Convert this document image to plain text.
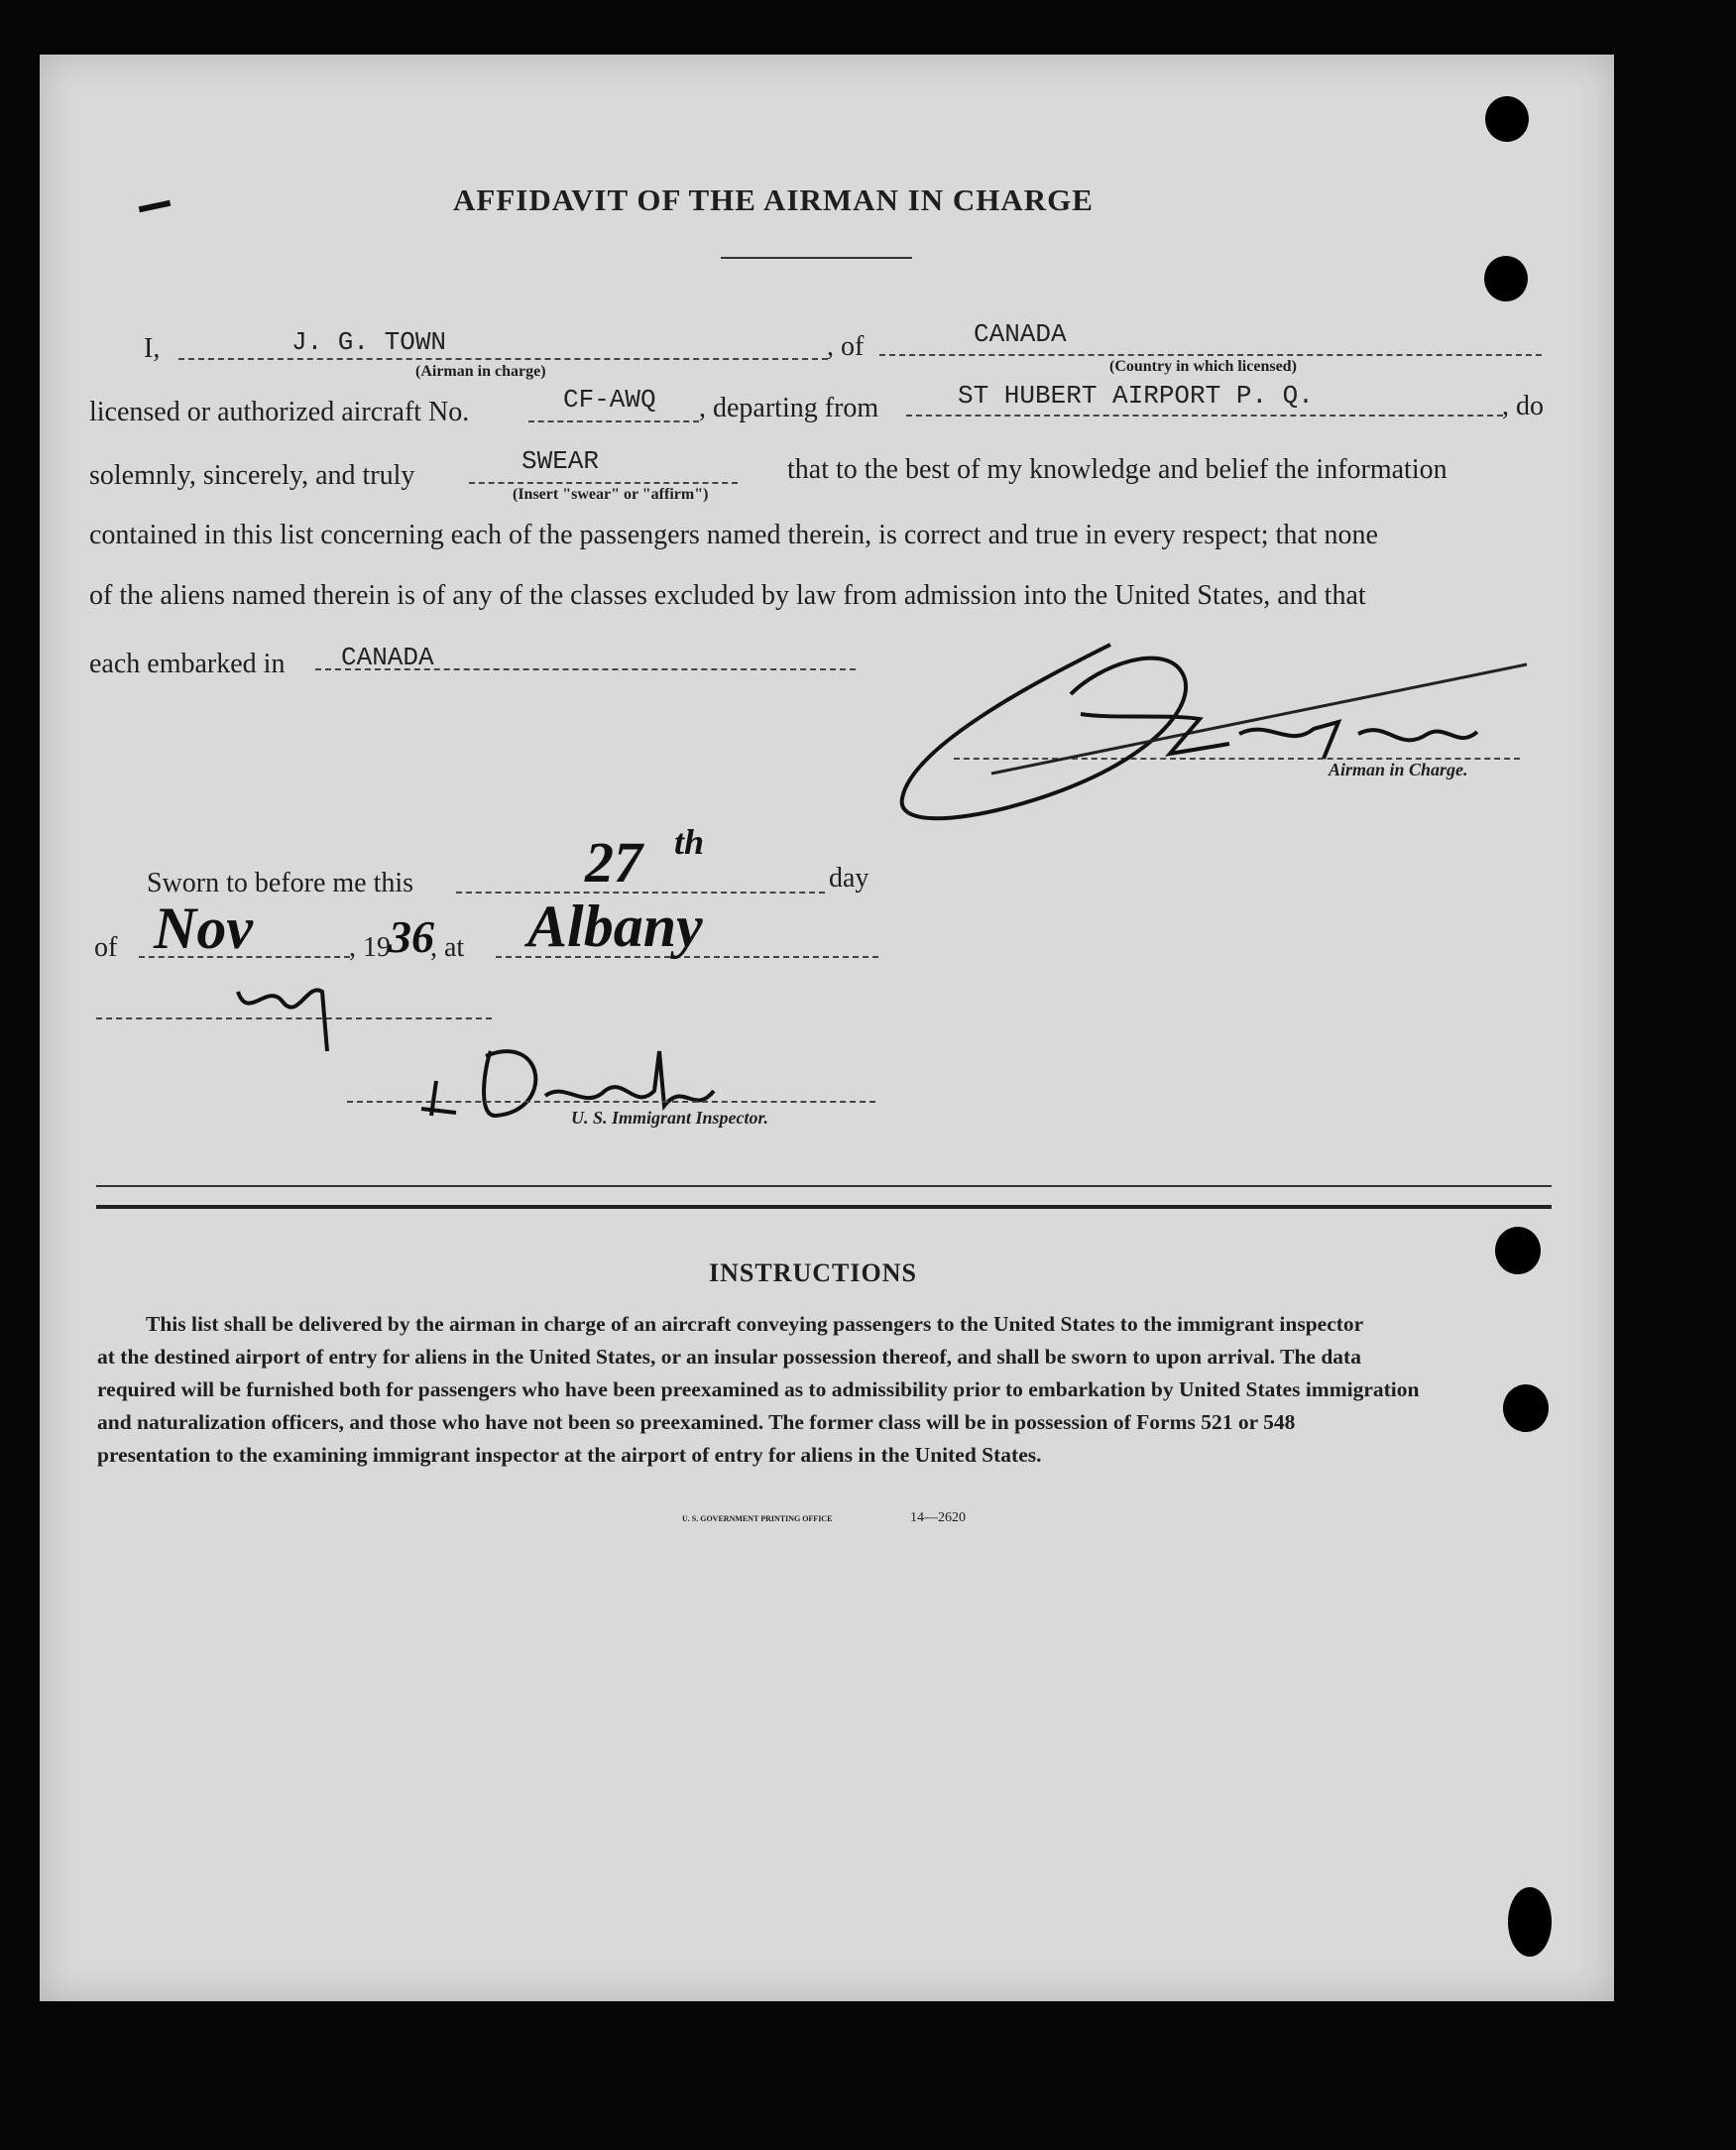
AFFIDAVIT OF THE AIRMAN IN CHARGE
I,	J. G. TOWN
(Airman in charge)
, of	CANADA
(Country in which licensed)
licensed or authorized aircraft No.	CF-AWQ , departing from	ST HUBERT AIRPORT P. Q.	, do
solemnly, sincerely, and truly	SWEAR
(Insert "swear" or "affirm")
that to the best of my knowledge and belief the information
contained in this list concerning each of the passengers named therein, is correct and true in every respect; that none
of the aliens named therein is of any of the classes excluded by law from admission into the United States, and that
each embarked in CANADA
J G Town
Airman in Charge.
Sworn to before me this	27 th
day
of Nov	, 19
36
, at Albany
U. S. Immigrant Inspector.
INSTRUCTIONS
This list shall be delivered by the airman in charge of an aircraft conveying passengers to the United States to the immigrant inspector
at the destined airport of entry for aliens in the United States, or an insular possession thereof, and shall be sworn to upon arrival. The data
required will be furnished both for passengers who have been preexamined as to admissibility prior to embarkation by United States immigration
and naturalization officers, and those who have not been so preexamined. The former class will be in possession of Forms 521 or 548
presentation to the examining immigrant inspector at the airport of entry for aliens in the United States.
U. S. GOVERNMENT PRINTING OFFICE	14—2620
